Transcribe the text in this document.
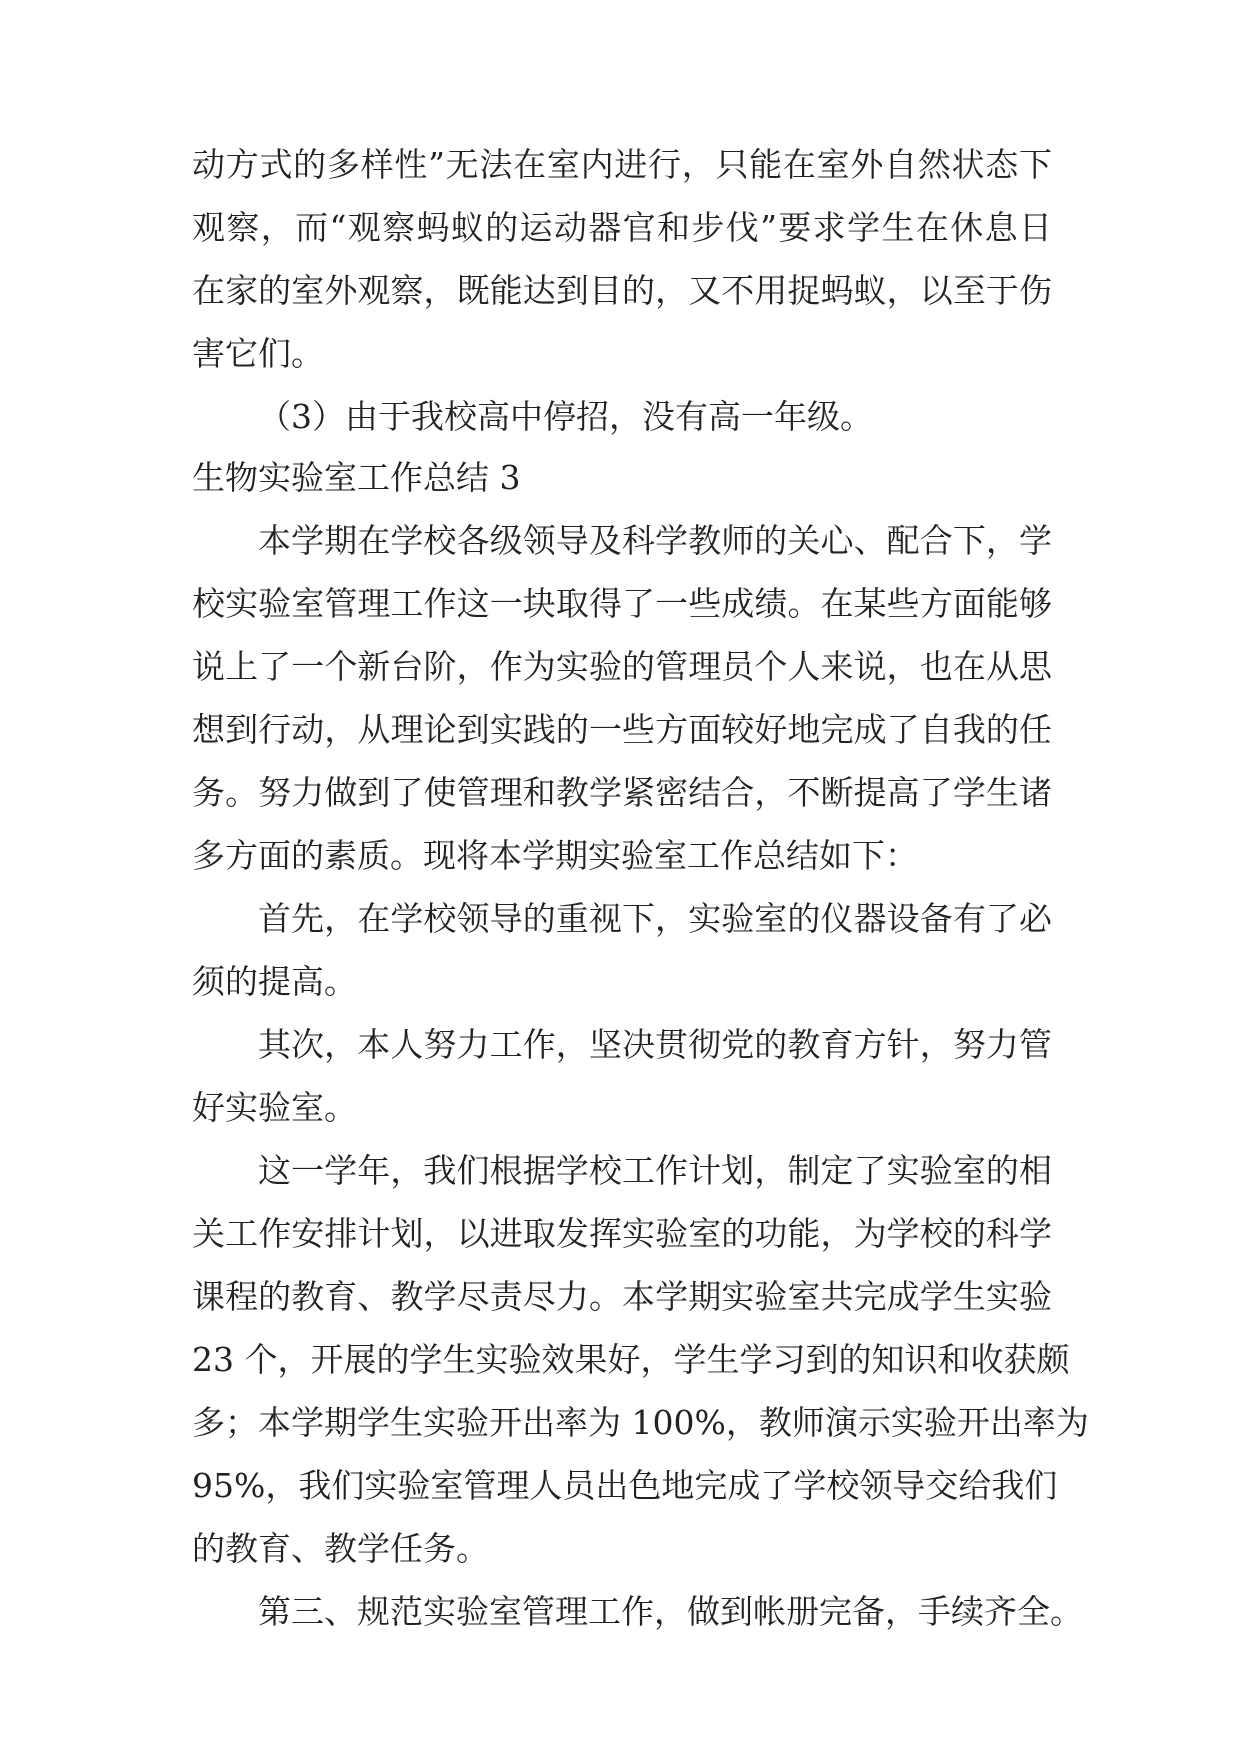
动方式的多样性”无法在室内进行，只能在室外自然状态下
观察，而“观察蚂蚁的运动器官和步伐”要求学生在休息日
在家的室外观察，既能达到目的，又不用捉蚂蚁，以至于伤
害它们。
（3）由于我校高中停招，没有高一年级。
生物实验室工作总结 3
本学期在学校各级领导及科学教师的关心、配合下，学
校实验室管理工作这一块取得了一些成绩。在某些方面能够
说上了一个新台阶，作为实验的管理员个人来说，也在从思
想到行动，从理论到实践的一些方面较好地完成了自我的任
务。努力做到了使管理和教学紧密结合，不断提高了学生诸
多方面的素质。现将本学期实验室工作总结如下：
首先，在学校领导的重视下，实验室的仪器设备有了必
须的提高。
其次，本人努力工作，坚决贯彻党的教育方针，努力管
好实验室。
这一学年，我们根据学校工作计划，制定了实验室的相
关工作安排计划，以进取发挥实验室的功能，为学校的科学
课程的教育、教学尽责尽力。本学期实验室共完成学生实验
23 个，开展的学生实验效果好，学生学习到的知识和收获颇
多；本学期学生实验开出率为 100%，教师演示实验开出率为
95%，我们实验室管理人员出色地完成了学校领导交给我们
的教育、教学任务。
第三、规范实验室管理工作，做到帐册完备，手续齐全。
